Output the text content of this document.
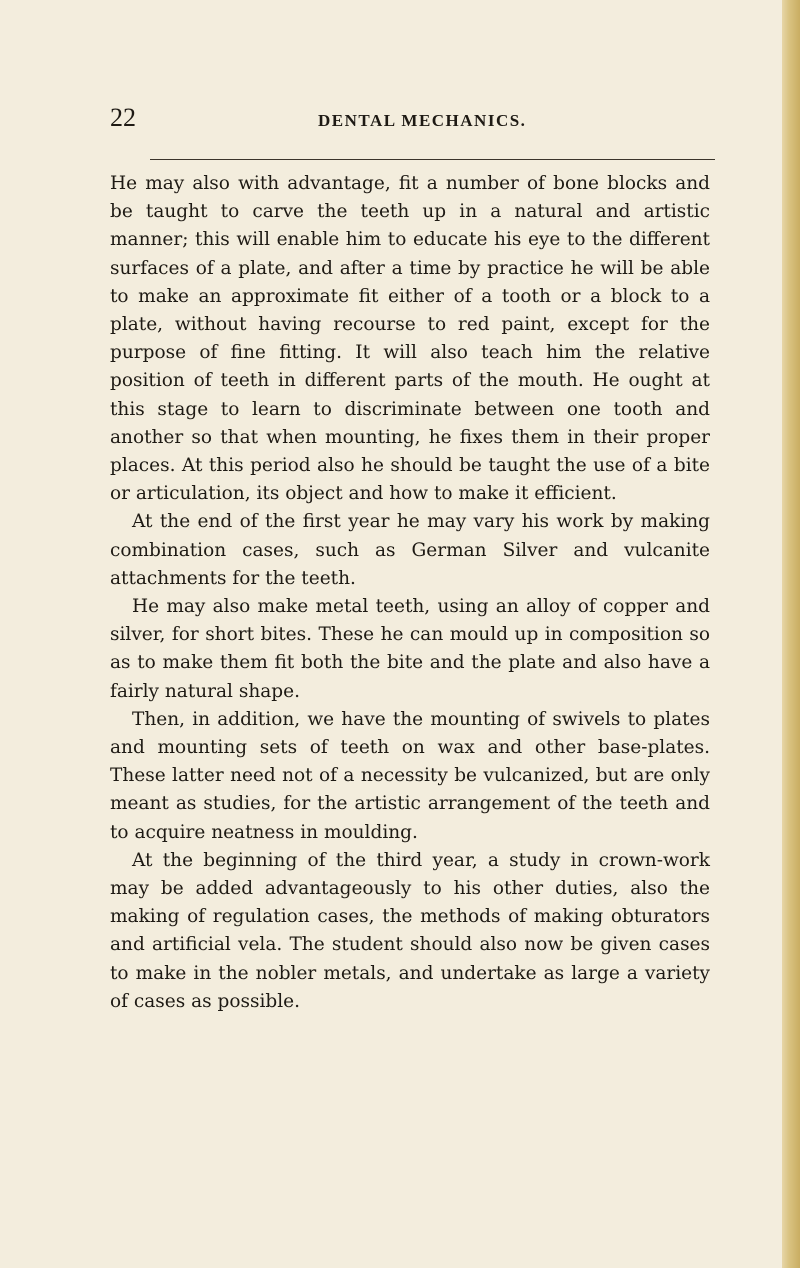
22	DENTAL MECHANICS.

He may also with advantage, fit a number of bone blocks and be taught to carve the teeth up in a natural and artistic manner; this will enable him to educate his eye to the different surfaces of a plate, and after a time by practice he will be able to make an approximate fit either of a tooth or a block to a plate, without having recourse to red paint, except for the purpose of fine fitting. It will also teach him the relative position of teeth in different parts of the mouth. He ought at this stage to learn to discriminate between one tooth and another so that when mounting, he fixes them in their proper places. At this period also he should be taught the use of a bite or articulation, its object and how to make it efficient.

At the end of the first year he may vary his work by making combination cases, such as German Silver and vulcanite attachments for the teeth.

He may also make metal teeth, using an alloy of copper and silver, for short bites. These he can mould up in composition so as to make them fit both the bite and the plate and also have a fairly natural shape.

Then, in addition, we have the mounting of swivels to plates and mounting sets of teeth on wax and other base-plates. These latter need not of a necessity be vulcanized, but are only meant as studies, for the artistic arrangement of the teeth and to acquire neatness in moulding.

At the beginning of the third year, a study in crown-work may be added advantageously to his other duties, also the making of regulation cases, the methods of making obturators and artificial vela. The student should also now be given cases to make in the nobler metals, and undertake as large a variety of cases as possible.
